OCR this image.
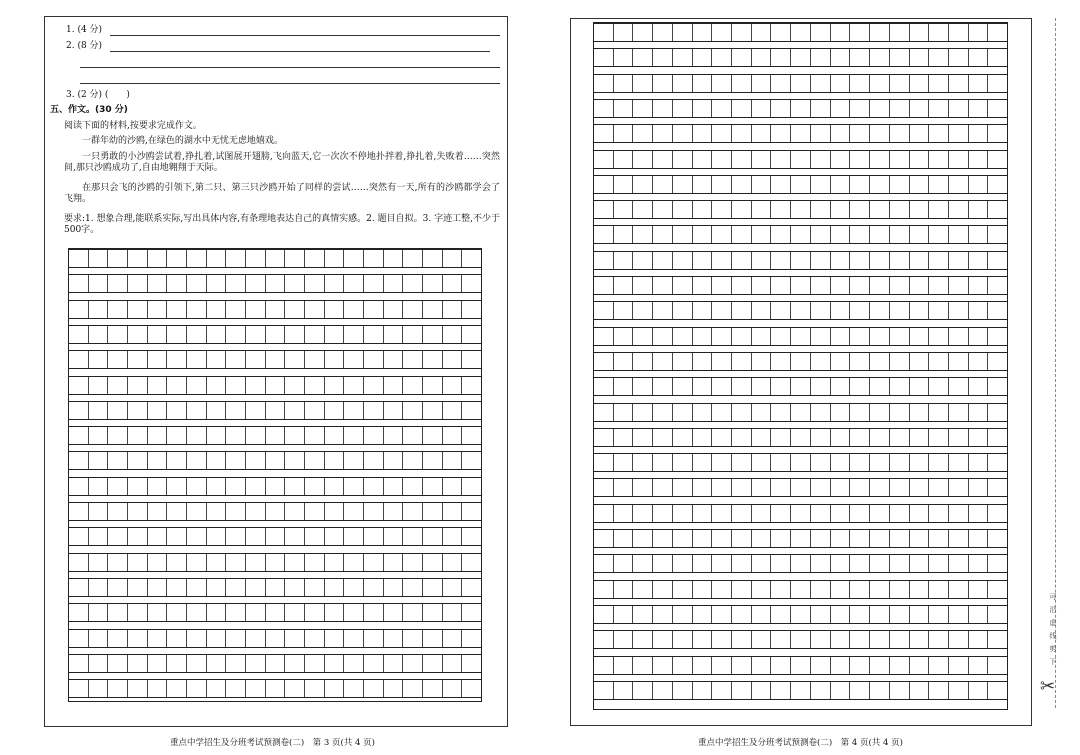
1. (4 分)
2. (8 分)
3. (2 分) (　　)
五、作文。(30 分)
阅读下面的材料,按要求完成作文。
一群年幼的沙鸥,在绿色的湖水中无忧无虑地嬉戏。
一只勇敢的小沙鸥尝试着,挣扎着,试图展开翅膀,飞向蓝天,它一次次不停地扑拌着,挣扎着,失败着……突然间,那只沙鸥成功了,自由地翱翔于天际。
在那只会飞的沙鸥的引领下,第二只、第三只沙鸥开始了同样的尝试……突然有一天,所有的沙鸥都学会了飞翔。
要求:1. 想象合理,能联系实际,写出具体内容,有条理地表达自己的真情实感。2. 题目自拟。3. 字迹工整,不少于500字。
重点中学招生及分班考试预测卷(二)　第 3 页(共 4 页)	重点中学招生及分班考试预测卷(二)　第 4 页(共 4 页)
可
沿
虚
线
剪
下
✂
